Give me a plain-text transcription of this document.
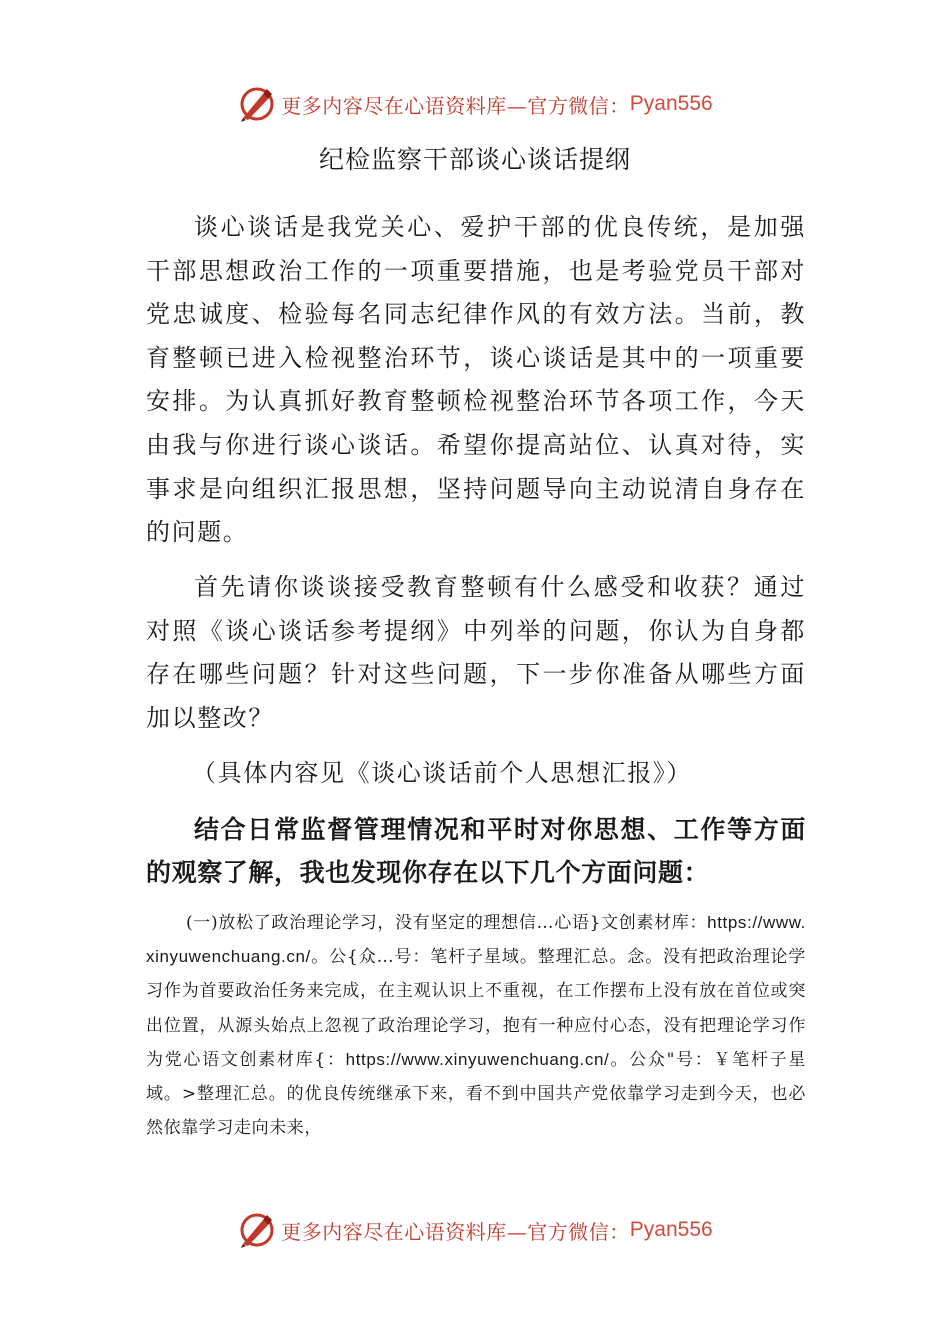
更多内容尽在心语资料库—官方微信： Pyan556
纪检监察干部谈心谈话提纲
谈心谈话是我党关心、爱护干部的优良传统，是加强干部思想政治工作的一项重要措施，也是考验党员干部对党忠诚度、检验每名同志纪律作风的有效方法。当前，教育整顿已进入检视整治环节，谈心谈话是其中的一项重要安排。为认真抓好教育整顿检视整治环节各项工作，今天由我与你进行谈心谈话。希望你提高站位、认真对待，实事求是向组织汇报思想，坚持问题导向主动说清自身存在的问题。
首先请你谈谈接受教育整顿有什么感受和收获？通过对照《谈心谈话参考提纲》中列举的问题，你认为自身都存在哪些问题？针对这些问题，下一步你准备从哪些方面加以整改？
（具体内容见《谈心谈话前个人思想汇报》）
结合日常监督管理情况和平时对你思想、工作等方面的观察了解，我也发现你存在以下几个方面问题：
(一)放松了政治理论学习，没有坚定的理想信…心语}文创素材库：https://www.xinyuwenchuang.cn/。公{众…号：笔杆子星域。整理汇总。念。没有把政治理论学习作为首要政治任务来完成，在主观认识上不重视，在工作摆布上没有放在首位或突出位置，从源头始点上忽视了政治理论学习，抱有一种应付心态，没有把理论学习作为党心语文创素材库{：https://www.xinyuwenchuang.cn/。公众"号：￥笔杆子星域。>整理汇总。的优良传统继承下来，看不到中国共产党依靠学习走到今天，也必然依靠学习走向未来，
更多内容尽在心语资料库—官方微信： Pyan556
